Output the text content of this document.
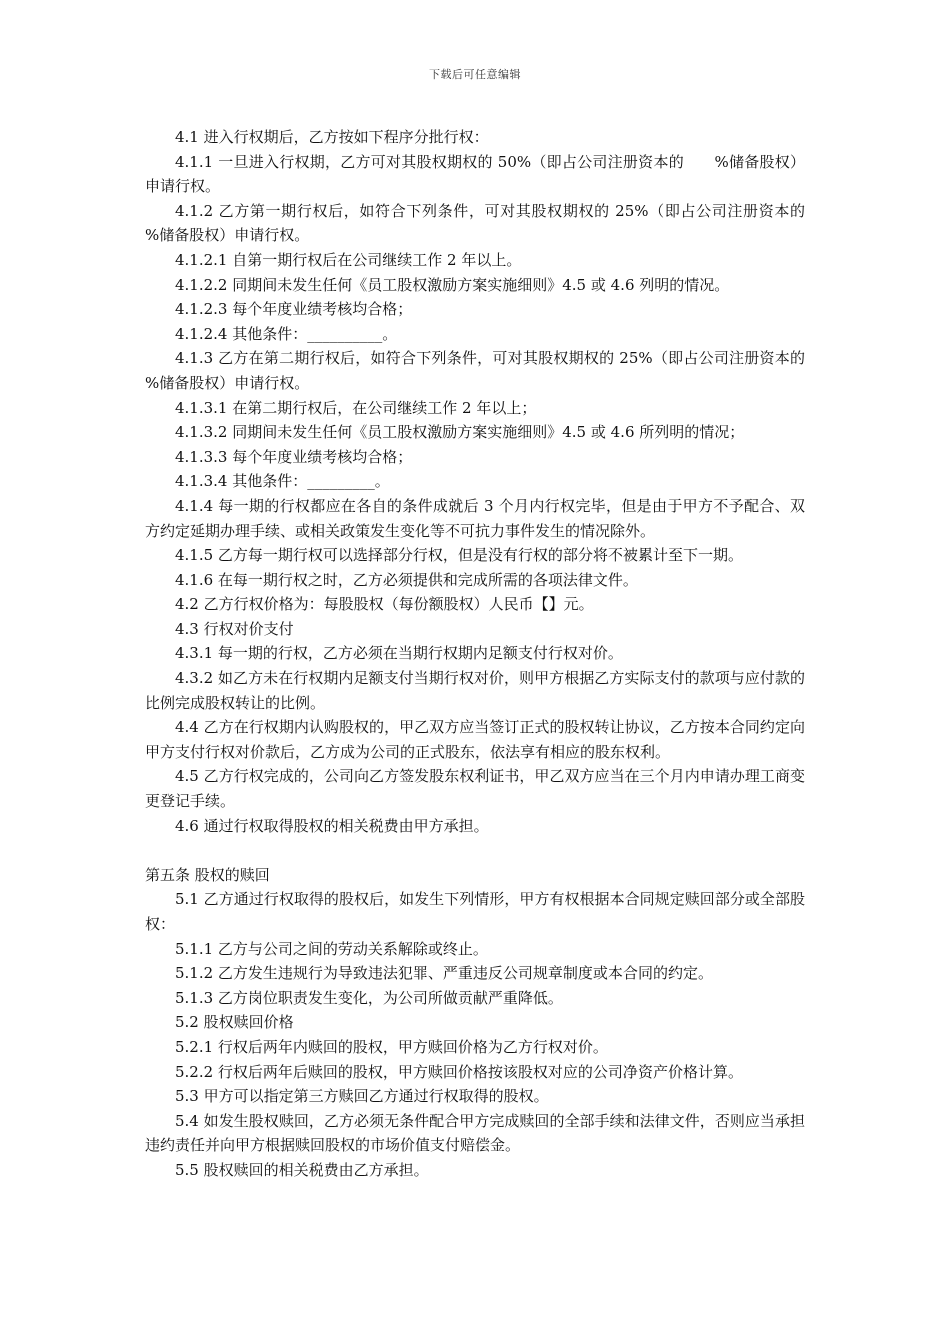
下载后可任意编辑

4.1 进入行权期后，乙方按如下程序分批行权：

4.1.1 一旦进入行权期，乙方可对其股权期权的 50%（即占公司注册资本的　　%储备股权）申请行权。

4.1.2 乙方第一期行权后，如符合下列条件，可对其股权期权的 25%（即占公司注册资本的　　%储备股权）申请行权。

4.1.2.1 自第一期行权后在公司继续工作 2 年以上。

4.1.2.2 同期间未发生任何《员工股权激励方案实施细则》4.5 或 4.6 列明的情况。

4.1.2.3 每个年度业绩考核均合格；

4.1.2.4 其他条件：__________。

4.1.3 乙方在第二期行权后，如符合下列条件，可对其股权期权的 25%（即占公司注册资本的　　%储备股权）申请行权。

4.1.3.1 在第二期行权后，在公司继续工作 2 年以上；

4.1.3.2 同期间未发生任何《员工股权激励方案实施细则》4.5 或 4.6 所列明的情况；

4.1.3.3 每个年度业绩考核均合格；

4.1.3.4 其他条件：_________。

4.1.4 每一期的行权都应在各自的条件成就后 3 个月内行权完毕，但是由于甲方不予配合、双方约定延期办理手续、或相关政策发生变化等不可抗力事件发生的情况除外。

4.1.5 乙方每一期行权可以选择部分行权，但是没有行权的部分将不被累计至下一期。

4.1.6 在每一期行权之时，乙方必须提供和完成所需的各项法律文件。

4.2 乙方行权价格为：每股股权（每份额股权）人民币【】元。

4.3 行权对价支付

4.3.1 每一期的行权，乙方必须在当期行权期内足额支付行权对价。

4.3.2 如乙方未在行权期内足额支付当期行权对价，则甲方根据乙方实际支付的款项与应付款的比例完成股权转让的比例。

4.4 乙方在行权期内认购股权的，甲乙双方应当签订正式的股权转让协议，乙方按本合同约定向甲方支付行权对价款后，乙方成为公司的正式股东，依法享有相应的股东权利。

4.5 乙方行权完成的，公司向乙方签发股东权利证书，甲乙双方应当在三个月内申请办理工商变更登记手续。

4.6 通过行权取得股权的相关税费由甲方承担。

第五条 股权的赎回

5.1 乙方通过行权取得的股权后，如发生下列情形，甲方有权根据本合同规定赎回部分或全部股权：

5.1.1 乙方与公司之间的劳动关系解除或终止。

5.1.2 乙方发生违规行为导致违法犯罪、严重违反公司规章制度或本合同的约定。

5.1.3 乙方岗位职责发生变化，为公司所做贡献严重降低。

5.2 股权赎回价格

5.2.1 行权后两年内赎回的股权，甲方赎回价格为乙方行权对价。

5.2.2 行权后两年后赎回的股权，甲方赎回价格按该股权对应的公司净资产价格计算。

5.3 甲方可以指定第三方赎回乙方通过行权取得的股权。

5.4 如发生股权赎回，乙方必须无条件配合甲方完成赎回的全部手续和法律文件，否则应当承担违约责任并向甲方根据赎回股权的市场价值支付赔偿金。

5.5 股权赎回的相关税费由乙方承担。
